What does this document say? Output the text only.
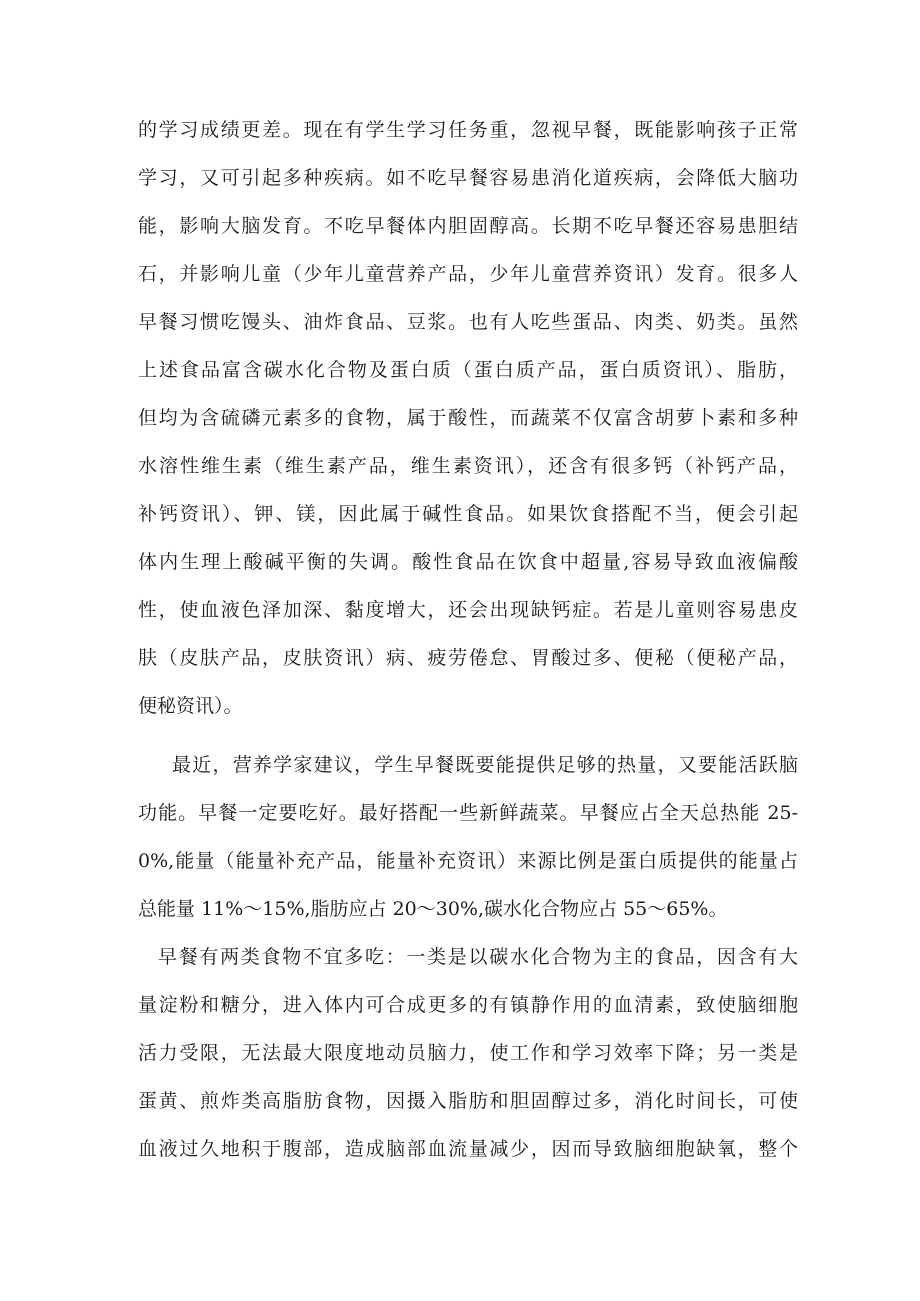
的学习成绩更差。现在有学生学习任务重，忽视早餐，既能影响孩子正常
学习，又可引起多种疾病。如不吃早餐容易患消化道疾病，会降低大脑功
能，影响大脑发育。不吃早餐体内胆固醇高。长期不吃早餐还容易患胆结
石，并影响儿童（少年儿童营养产品，少年儿童营养资讯）发育。很多人
早餐习惯吃馒头、油炸食品、豆浆。也有人吃些蛋品、肉类、奶类。虽然
上述食品富含碳水化合物及蛋白质（蛋白质产品，蛋白质资讯）、脂肪，
但均为含硫磷元素多的食物，属于酸性，而蔬菜不仅富含胡萝卜素和多种
水溶性维生素（维生素产品，维生素资讯），还含有很多钙（补钙产品，
补钙资讯）、钾、镁，因此属于碱性食品。如果饮食搭配不当，便会引起
体内生理上酸碱平衡的失调。酸性食品在饮食中超量,容易导致血液偏酸
性，使血液色泽加深、黏度增大，还会出现缺钙症。若是儿童则容易患皮
肤（皮肤产品，皮肤资讯）病、疲劳倦怠、胃酸过多、便秘（便秘产品，
便秘资讯）。
最近，营养学家建议，学生早餐既要能提供足够的热量，又要能活跃脑
功能。早餐一定要吃好。最好搭配一些新鲜蔬菜。早餐应占全天总热能 25-
0%,能量（能量补充产品，能量补充资讯）来源比例是蛋白质提供的能量占
总能量 11%～15%,脂肪应占 20～30%,碳水化合物应占 55～65%。
早餐有两类食物不宜多吃：一类是以碳水化合物为主的食品，因含有大
量淀粉和糖分，进入体内可合成更多的有镇静作用的血清素，致使脑细胞
活力受限，无法最大限度地动员脑力，使工作和学习效率下降；另一类是
蛋黄、煎炸类高脂肪食物，因摄入脂肪和胆固醇过多，消化时间长，可使
血液过久地积于腹部，造成脑部血流量减少，因而导致脑细胞缺氧，整个
